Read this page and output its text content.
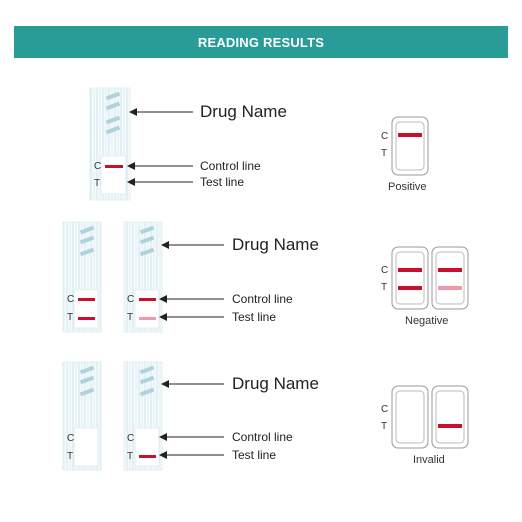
READING RESULTS
Drug Name
Control line
Test line
C
T
C
T
Positive
Drug Name
Control line
Test line
C
T
C
T
C
T
Negative
Drug Name
Control line
Test line
C
T
C
T
C
T
Invalid
